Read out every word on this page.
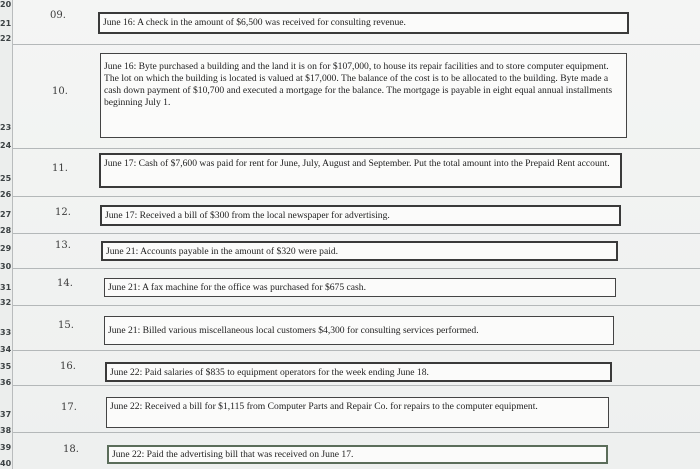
20
21
22
23
24
25
26
27
28
29
30
31
32
33
34
35
36
37
38
39
40
09.
June 16: A check in the amount of $6,500 was received for consulting revenue.
10.
June 16: Byte purchased a building and the land it is on for $107,000, to house its repair facilities and to store computer equipment. The lot on which the building is located is valued at $17,000. The balance of the cost is to be allocated to the building. Byte made a cash down payment of $10,700 and executed a mortgage for the balance. The mortgage is payable in eight equal annual installments beginning July 1.
11.	June 17: Cash of $7,600 was paid for rent for June, July, August and September. Put the total amount into the Prepaid Rent account.
12.	June 17: Received a bill of $300 from the local newspaper for advertising.
13.
June 21: Accounts payable in the amount of $320 were paid.
14.	June 21: A fax machine for the office was purchased for $675 cash.
15.	June 21: Billed various miscellaneous local customers $4,300 for consulting services performed.
16.
June 22: Paid salaries of $835 to equipment operators for the week ending June 18.
17.	June 22: Received a bill for $1,115 from Computer Parts and Repair Co. for repairs to the computer equipment.
18.	June 22: Paid the advertising bill that was received on June 17.
